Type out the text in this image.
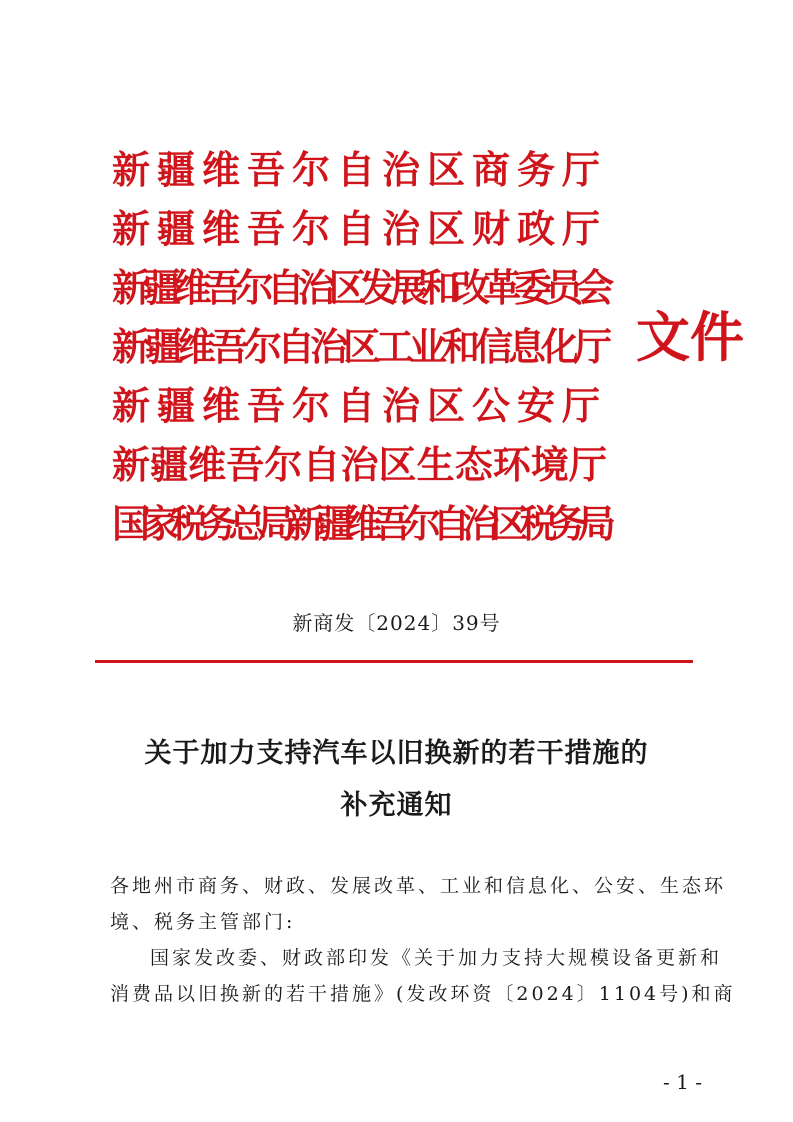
新疆维吾尔自治区商务厅
新疆维吾尔自治区财政厅
新疆维吾尔自治区发展和改革委员会
新疆维吾尔自治区工业和信息化厅
新疆维吾尔自治区公安厅
新疆维吾尔自治区生态环境厅
国家税务总局新疆维吾尔自治区税务局
文件
新商发〔2024〕39号
关于加力支持汽车以旧换新的若干措施的
补充通知
各地州市商务、财政、发展改革、工业和信息化、公安、生态环
境、税务主管部门:
国家发改委、财政部印发《关于加力支持大规模设备更新和
消费品以旧换新的若干措施》(发改环资〔2024〕1104号)和商
- 1 -
